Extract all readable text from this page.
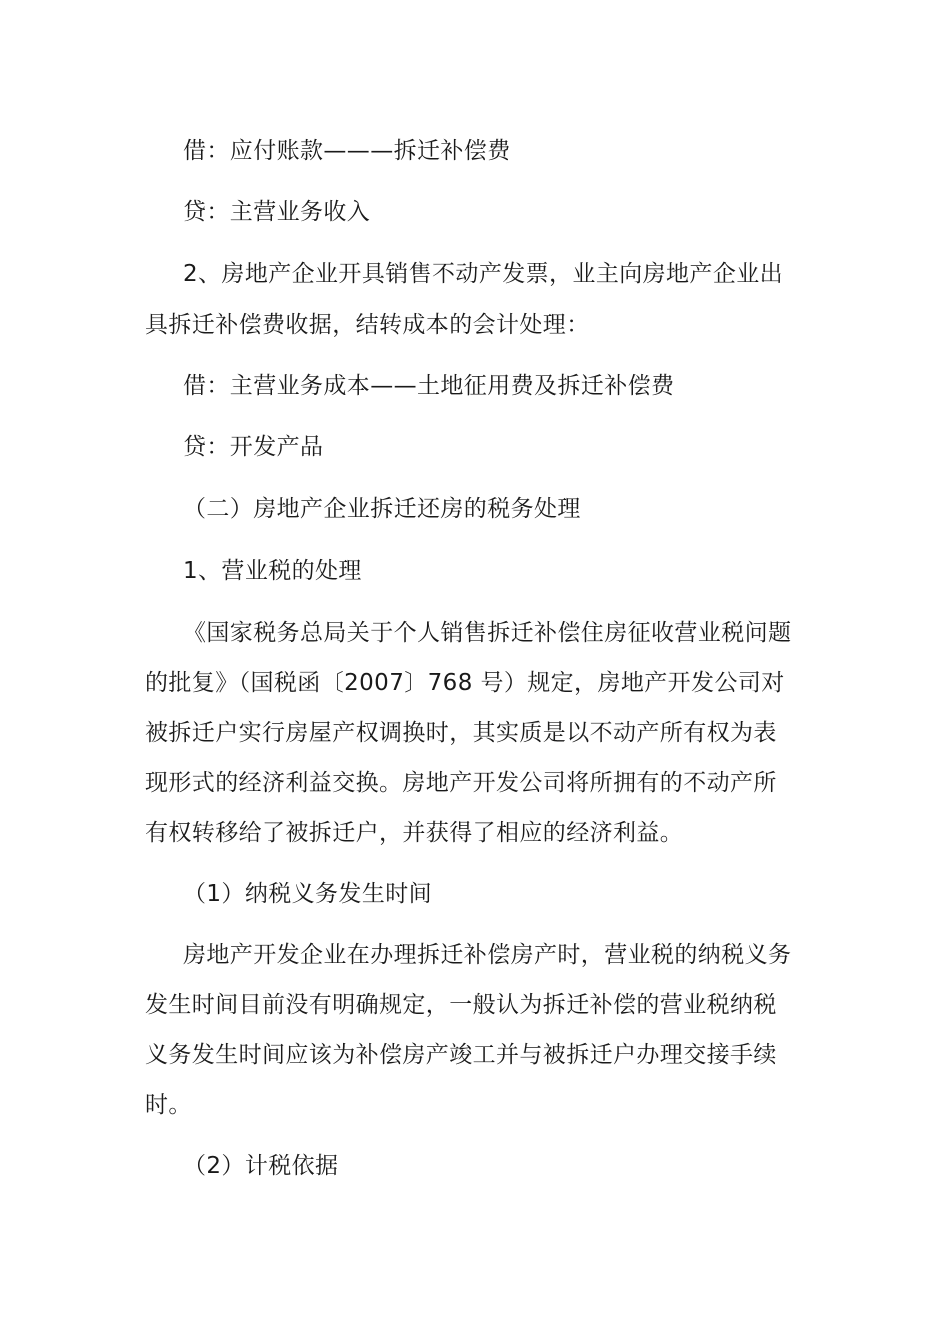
借：应付账款———拆迁补偿费
贷：主营业务收入
2、房地产企业开具销售不动产发票，业主向房地产企业出
具拆迁补偿费收据，结转成本的会计处理：
借：主营业务成本——土地征用费及拆迁补偿费
贷：开发产品
（二）房地产企业拆迁还房的税务处理
1、营业税的处理
《国家税务总局关于个人销售拆迁补偿住房征收营业税问题
的批复》（国税函〔2007〕768 号）规定，房地产开发公司对
被拆迁户实行房屋产权调换时，其实质是以不动产所有权为表
现形式的经济利益交换。房地产开发公司将所拥有的不动产所
有权转移给了被拆迁户，并获得了相应的经济利益。
（1）纳税义务发生时间
房地产开发企业在办理拆迁补偿房产时，营业税的纳税义务
发生时间目前没有明确规定，一般认为拆迁补偿的营业税纳税
义务发生时间应该为补偿房产竣工并与被拆迁户办理交接手续
时。
（2）计税依据
